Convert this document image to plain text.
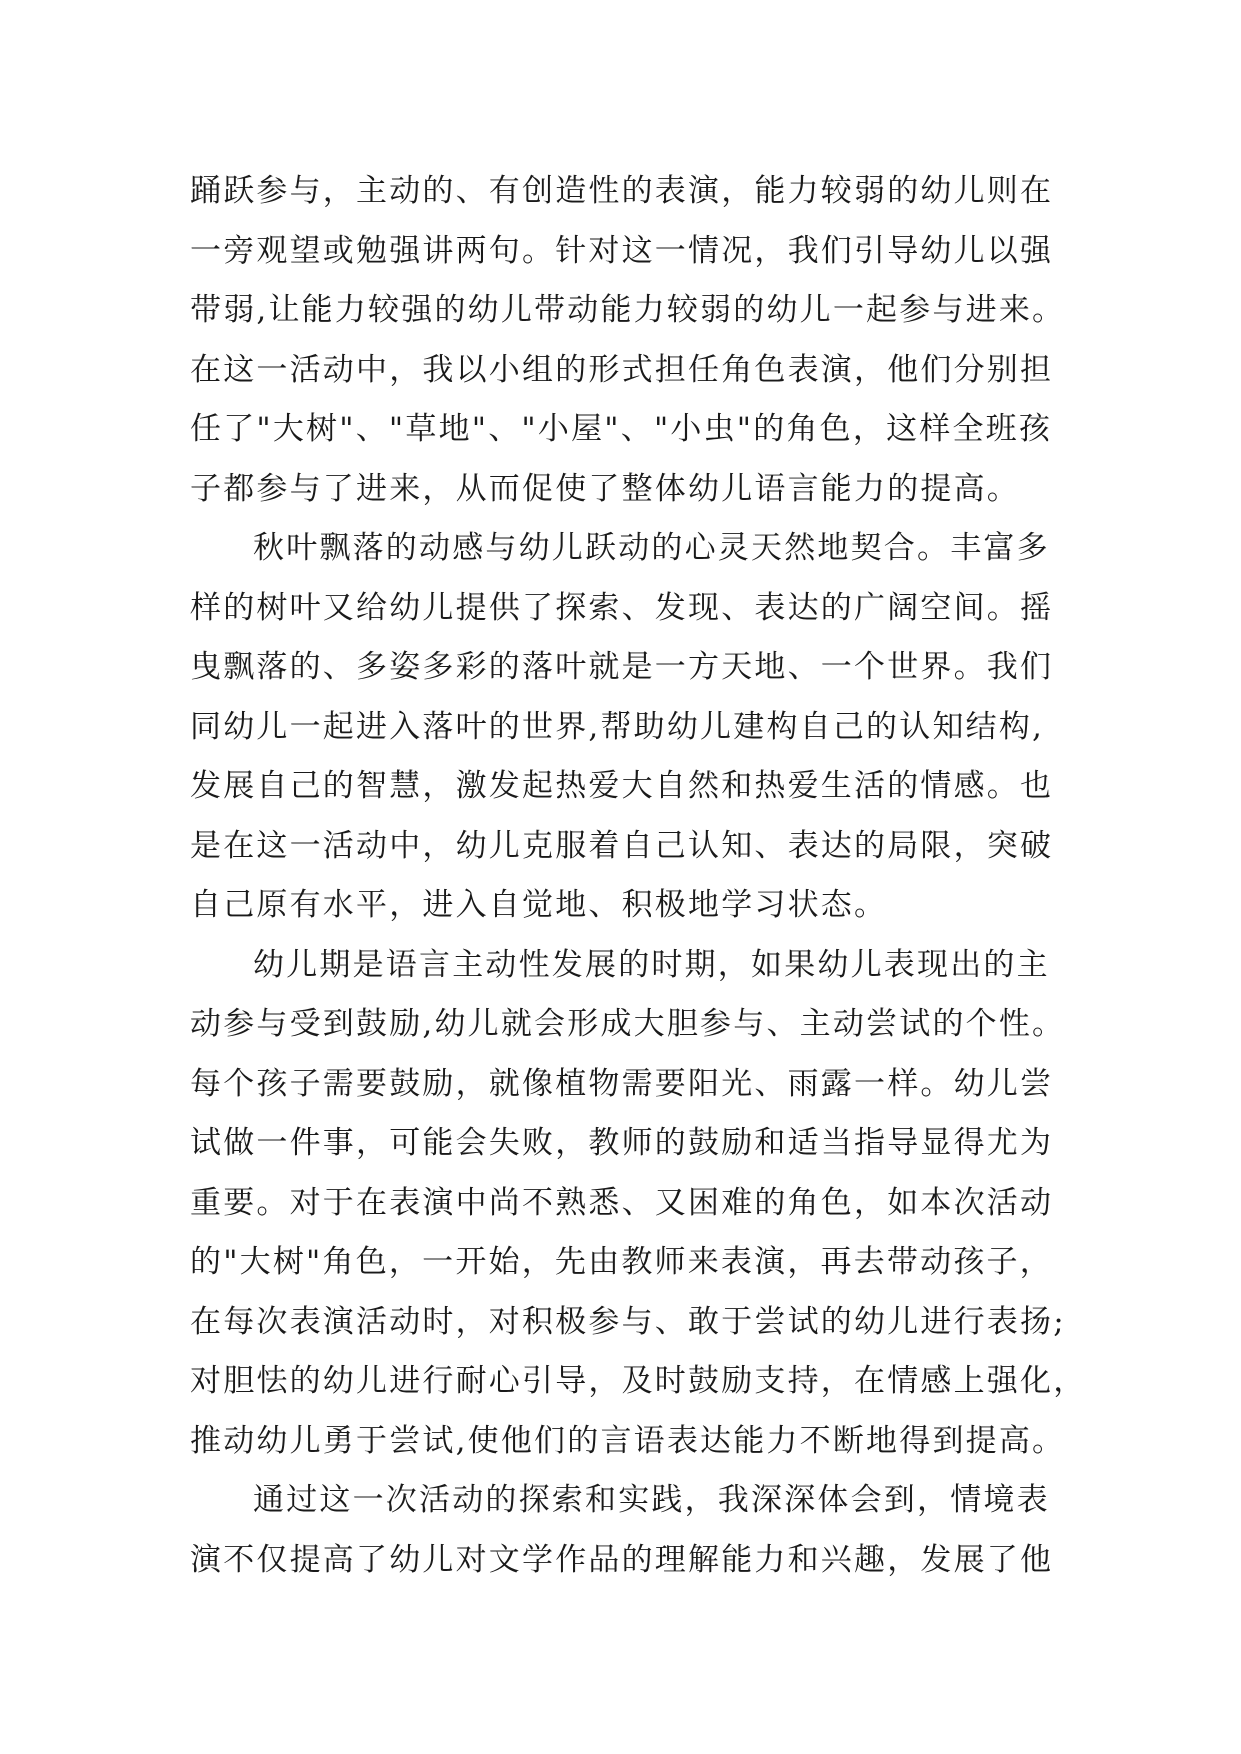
踊跃参与，主动的、有创造性的表演，能力较弱的幼儿则在
一旁观望或勉强讲两句。针对这一情况，我们引导幼儿以强
带弱,让能力较强的幼儿带动能力较弱的幼儿一起参与进来。
在这一活动中，我以小组的形式担任角色表演，他们分别担
任了"大树"、"草地"、"小屋"、"小虫"的角色，这样全班孩
子都参与了进来，从而促使了整体幼儿语言能力的提高。
秋叶飘落的动感与幼儿跃动的心灵天然地契合。丰富多
样的树叶又给幼儿提供了探索、发现、表达的广阔空间。摇
曳飘落的、多姿多彩的落叶就是一方天地、一个世界。我们
同幼儿一起进入落叶的世界,帮助幼儿建构自己的认知结构,
发展自己的智慧，激发起热爱大自然和热爱生活的情感。也
是在这一活动中，幼儿克服着自己认知、表达的局限，突破
自己原有水平，进入自觉地、积极地学习状态。
幼儿期是语言主动性发展的时期，如果幼儿表现出的主
动参与受到鼓励,幼儿就会形成大胆参与、主动尝试的个性。
每个孩子需要鼓励，就像植物需要阳光、雨露一样。幼儿尝
试做一件事，可能会失败，教师的鼓励和适当指导显得尤为
重要。对于在表演中尚不熟悉、又困难的角色，如本次活动
的"大树"角色，一开始，先由教师来表演，再去带动孩子，
在每次表演活动时，对积极参与、敢于尝试的幼儿进行表扬;
对胆怯的幼儿进行耐心引导，及时鼓励支持，在情感上强化，
推动幼儿勇于尝试,使他们的言语表达能力不断地得到提高。
通过这一次活动的探索和实践，我深深体会到，情境表
演不仅提高了幼儿对文学作品的理解能力和兴趣，发展了他
